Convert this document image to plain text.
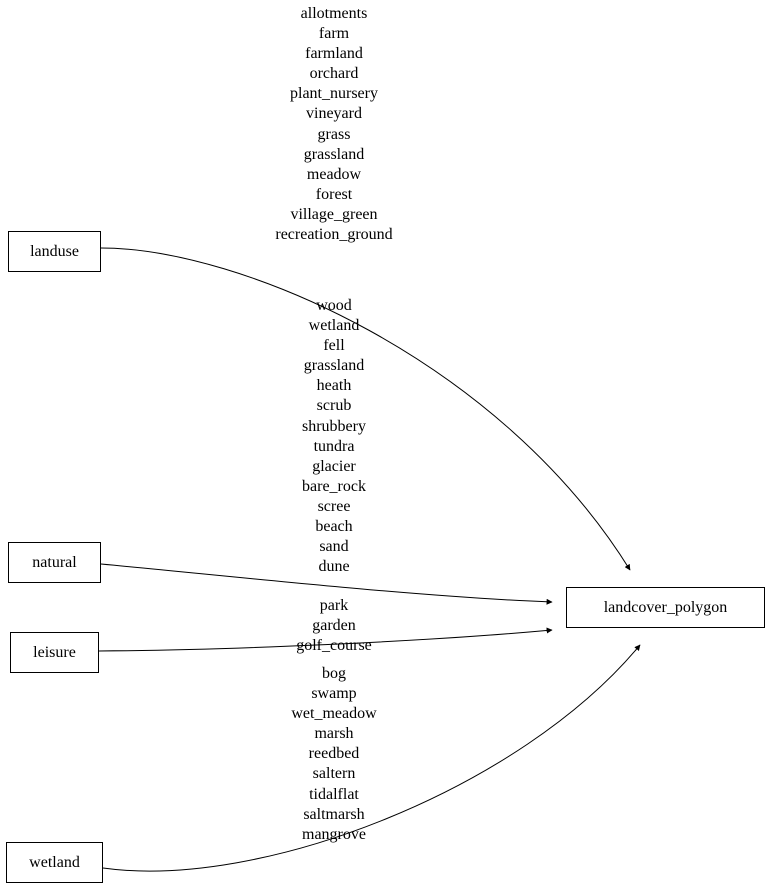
landuse
natural
leisure
wetland
landcover_polygon
allotments
farm
farmland
orchard
plant_nursery
vineyard
grass
grassland
meadow
forest
village_green
recreation_ground
wood
wetland
fell
grassland
heath
scrub
shrubbery
tundra
glacier
bare_rock
scree
beach
sand
dune
park
garden
golf_course
bog
swamp
wet_meadow
marsh
reedbed
saltern
tidalflat
saltmarsh
mangrove
